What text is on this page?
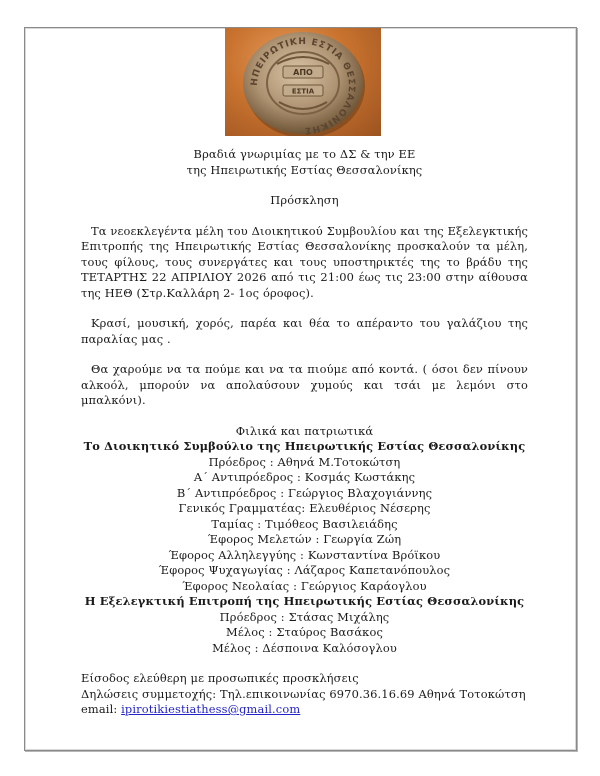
ΗΠΕΙΡΩΤΙΚΗ ΕΣΤΙΑ ΘΕΣΣΑΛΟΝΙΚΗΣ
ΑΠΟ
ΕΣΤΙΑ

Βραδιά γνωριμίας με το ΔΣ & την ΕΕ

της Ηπειρωτικής Εστίας Θεσσαλονίκης

Πρόσκληση

Τα νεοεκλεγέντα μέλη του Διοικητικού Συμβουλίου και της Εξελεγκτικής Επιτροπής της Ηπειρωτικής Εστίας Θεσσαλονίκης προσκαλούν τα μέλη, τους φίλους, τους συνεργάτες και τους υποστηρικτές της το βράδυ της ΤΕΤΑΡΤΗΣ 22 ΑΠΡΙΛΙΟΥ 2026 από τις 21:00 έως τις 23:00 στην αίθουσα της ΗΕΘ (Στρ.Καλλάρη 2- 1ος όροφος).

Κρασί, μουσική, χορός, παρέα και θέα το απέραντο του γαλάζιου της παραλίας μας .

Θα χαρούμε να τα πούμε και να τα πιούμε από κοντά. ( όσοι δεν πίνουν αλκοόλ, μπορούν να απολαύσουν χυμούς και τσάι με λεμόνι στο μπαλκόνι).

Φιλικά και πατριωτικά

Το Διοικητικό Συμβούλιο της Ηπειρωτικής Εστίας Θεσσαλονίκης

Πρόεδρος : Αθηνά Μ.Τοτοκώτση

Α΄ Αντιπρόεδρος : Κοσμάς Κωστάκης

Β΄ Αντιπρόεδρος : Γεώργιος Βλαχογιάννης

Γενικός Γραμματέας: Ελευθέριος Νέσερης

Ταμίας : Τιμόθεος Βασιλειάδης

Έφορος Μελετών : Γεωργία Ζώη

Έφορος Αλληλεγγύης : Κωνσταντίνα Βρόϊκου

Έφορος Ψυχαγωγίας : Λάζαρος Καπετανόπουλος

Έφορος Νεολαίας : Γεώργιος Καράογλου

Η Εξελεγκτική Επιτροπή της Ηπειρωτικής Εστίας Θεσσαλονίκης

Πρόεδρος : Στάσας Μιχάλης

Μέλος : Σταύρος Βασάκος

Μέλος : Δέσποινα Καλόσογλου

Είσοδος ελεύθερη με προσωπικές προσκλήσεις

Δηλώσεις συμμετοχής: Τηλ.επικοινωνίας 6970.36.16.69 Αθηνά Τοτοκώτση

email: ipirotikiestiathess@gmail.com
